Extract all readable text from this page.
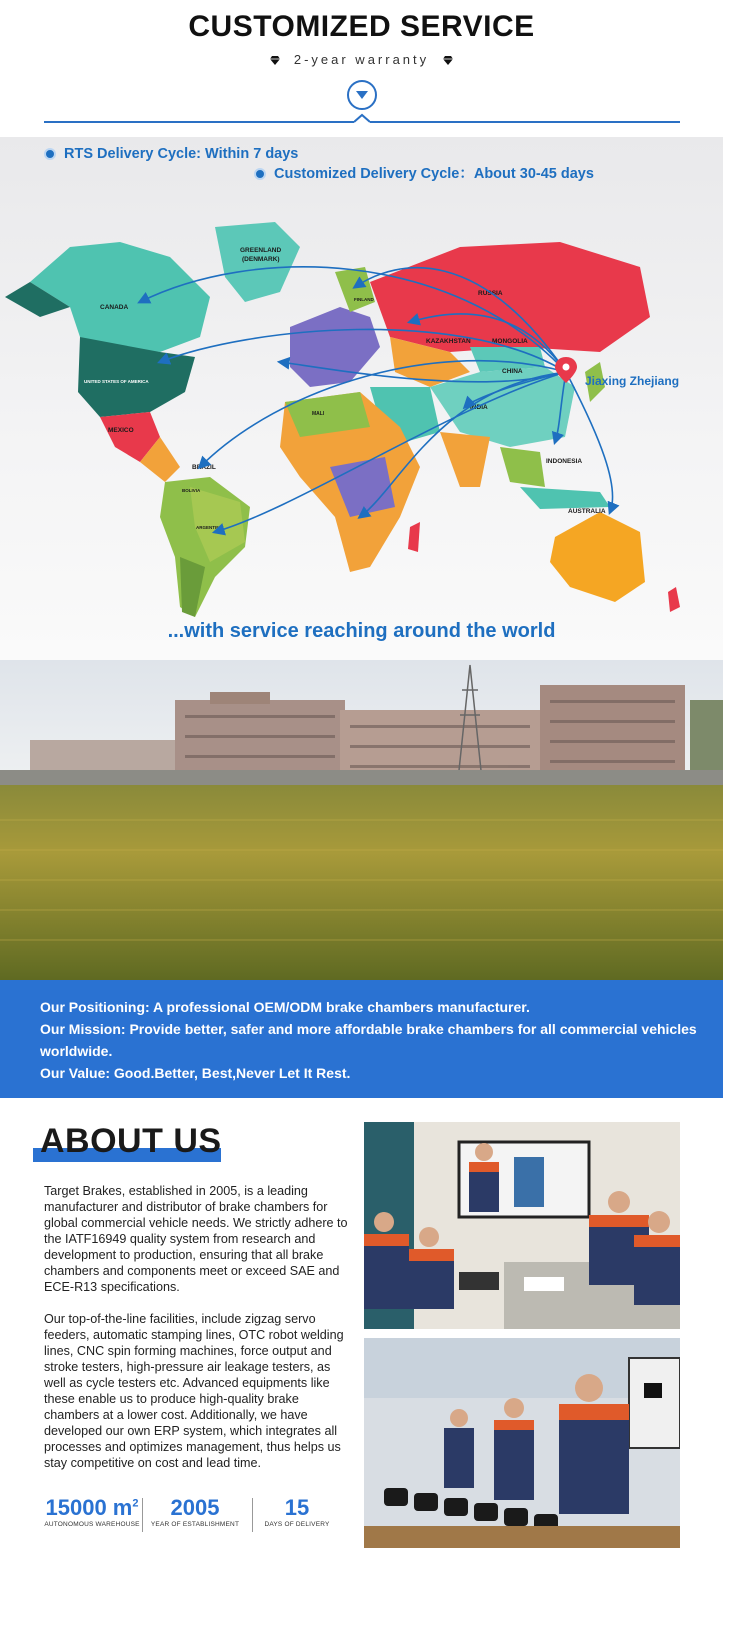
CUSTOMIZED SERVICE
2-year warranty
RTS Delivery Cycle: Within 7 days
Customized Delivery Cycle：About 30-45 days
GREENLAND
(DENMARK)
CANADA
UNITED STATES OF AMERICA
MEXICO
RUSSIA
KAZAKHSTAN	MONGOLIA
CHINA
INDIA
INDONESIA
AUSTRALIA
BRAZIL
BOLIVIA
ARGENTINA
MALI
FINLAND
Jiaxing Zhejiang
...with service reaching around the world

Our Positioning: A professional OEM/ODM brake chambers manufacturer.

Our Mission: Provide better, safer and more affordable brake chambers for all commercial vehicles worldwide.

Our Value: Good.Better, Best,Never Let It Rest.

ABOUT US

Target Brakes, established in 2005, is a leading manufacturer and distributor of brake chambers for global commercial vehicle needs. We strictly adhere to the IATF16949 quality system from research and development to production, ensuring that all brake chambers and components meet or exceed SAE and ECE-R13 specifications.

Our top-of-the-line facilities, include zigzag servo feeders, automatic stamping lines, OTC robot welding lines, CNC spin forming machines, force output and stroke testers, high-pressure air leakage testers, as well as cycle testers etc. Advanced equipments like these enable us to produce high-quality brake chambers at a lower cost. Additionally, we have developed our own ERP system, which integrates all processes and optimizes management, thus helps us stay competitive on cost and lead time.

15000 $m^2$
AUTONOMOUS WAREHOUSE
2005
YEAR OF ESTABLISHMENT
15
DAYS OF DELIVERY
